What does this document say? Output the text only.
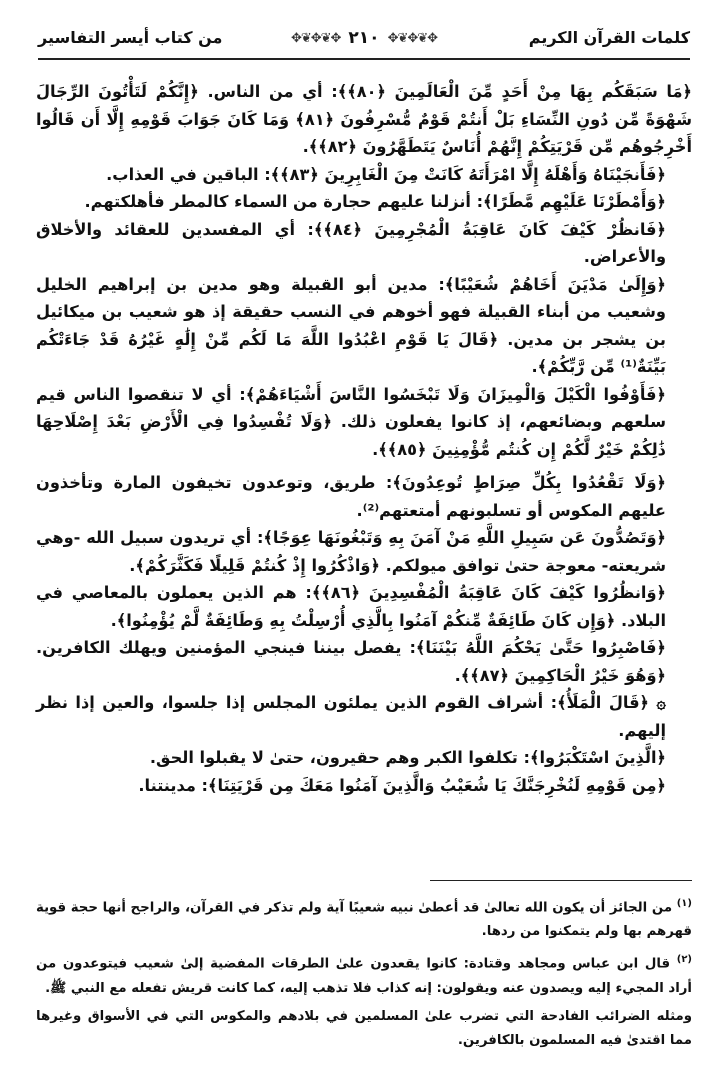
كلمات القرآن الكريم
✥❦✥❦✥ ٢١٠ ✥❦✥❦✥
من كتاب أيسر التفاسير

﴿مَا سَبَقَكُم بِهَا مِنْ أَحَدٍ مِّنَ الْعَالَمِينَ ﴿٨٠﴾﴾: أي من الناس. ﴿إِنَّكُمْ لَتَأْتُونَ الرِّجَالَ شَهْوَةً مِّن دُونِ النِّسَاءِ بَلْ أَنتُمْ قَوْمٌ مُّسْرِفُونَ ﴿٨١﴾ وَمَا كَانَ جَوَابَ قَوْمِهِ إِلَّا أَن قَالُوا أَخْرِجُوهُم مِّن قَرْيَتِكُمْ إِنَّهُمْ أُنَاسٌ يَتَطَهَّرُونَ ﴿٨٢﴾﴾.

﴿فَأَنجَيْنَاهُ وَأَهْلَهُ إِلَّا امْرَأَتَهُ كَانَتْ مِنَ الْغَابِرِينَ ﴿٨٣﴾﴾: الباقين في العذاب.

﴿وَأَمْطَرْنَا عَلَيْهِم مَّطَرًا﴾: أنزلنا عليهم حجارة من السماء كالمطر فأهلكتهم.

﴿فَانظُرْ كَيْفَ كَانَ عَاقِبَةُ الْمُجْرِمِينَ ﴿٨٤﴾﴾: أي المفسدين للعقائد والأخلاق والأعراض.

﴿وَإِلَىٰ مَدْيَنَ أَخَاهُمْ شُعَيْبًا﴾: مدين أبو القبيلة وهو مدين بن إبراهيم الخليل وشعيب من أبناء القبيلة فهو أخوهم في النسب حقيقة إذ هو شعيب بن ميكائيل بن يشجر بن مدين. ﴿قَالَ يَا قَوْمِ اعْبُدُوا اللَّهَ مَا لَكُم مِّنْ إِلَٰهٍ غَيْرُهُ قَدْ جَاءَتْكُم بَيِّنَةٌ⁽¹⁾ مِّن رَّبِّكُمْ﴾.

﴿فَأَوْفُوا الْكَيْلَ وَالْمِيزَانَ وَلَا تَبْخَسُوا النَّاسَ أَشْيَاءَهُمْ﴾: أي لا تنقصوا الناس قيم سلعهم وبضائعهم، إذ كانوا يفعلون ذلك. ﴿وَلَا تُفْسِدُوا فِي الْأَرْضِ بَعْدَ إِصْلَاحِهَا ذَٰلِكُمْ خَيْرٌ لَّكُمْ إِن كُنتُم مُّؤْمِنِينَ ﴿٨٥﴾﴾.

﴿وَلَا تَقْعُدُوا بِكُلِّ صِرَاطٍ تُوعِدُونَ﴾: طريق، وتوعدون تخيفون المارة وتأخذون عليهم المكوس أو تسلبونهم أمتعتهم⁽²⁾.

﴿وَتَصُدُّونَ عَن سَبِيلِ اللَّهِ مَنْ آمَنَ بِهِ وَتَبْغُونَهَا عِوَجًا﴾: أي تريدون سبيل الله -وهي شريعته- معوجة حتىٰ توافق ميولكم. ﴿وَاذْكُرُوا إِذْ كُنتُمْ قَلِيلًا فَكَثَّرَكُمْ﴾.

﴿وَانظُرُوا كَيْفَ كَانَ عَاقِبَةُ الْمُفْسِدِينَ ﴿٨٦﴾﴾: هم الذين يعملون بالمعاصي في البلاد. ﴿وَإِن كَانَ طَائِفَةٌ مِّنكُمْ آمَنُوا بِالَّذِي أُرْسِلْتُ بِهِ وَطَائِفَةٌ لَّمْ يُؤْمِنُوا﴾.

﴿فَاصْبِرُوا حَتَّىٰ يَحْكُمَ اللَّهُ بَيْنَنَا﴾: يفصل بيننا فينجي المؤمنين ويهلك الكافرين. ﴿وَهُوَ خَيْرُ الْحَاكِمِينَ ﴿٨٧﴾﴾.

۞ ﴿قَالَ الْمَلَأُ﴾: أشراف القوم الذين يملئون المجلس إذا جلسوا، والعين إذا نظر إليهم.

﴿الَّذِينَ اسْتَكْبَرُوا﴾: تكلفوا الكبر وهم حقيرون، حتىٰ لا يقبلوا الحق.

﴿مِن قَوْمِهِ لَنُخْرِجَنَّكَ يَا شُعَيْبُ وَالَّذِينَ آمَنُوا مَعَكَ مِن قَرْيَتِنَا﴾: مدينتنا.

$^{(١)}$ من الجائز أن يكون الله تعالىٰ قد أعطىٰ نبيه شعيبًا آية ولم تذكر في القرآن، والراجح أنها حجة قوية قهرهم بها ولم يتمكنوا من ردها.

$^{(٢)}$ قال ابن عباس ومجاهد وقتادة: كانوا يقعدون علىٰ الطرقات المفضية إلىٰ شعيب فيتوعدون من أراد المجيء إليه ويصدون عنه ويقولون: إنه كذاب فلا تذهب إليه، كما كانت قريش تفعله مع النبي ﷺ.

ومثله الضرائب الفادحة التي تضرب علىٰ المسلمين في بلادهم والمكوس التي في الأسواق وغيرها مما اقتدىٰ فيه المسلمون بالكافرين.
